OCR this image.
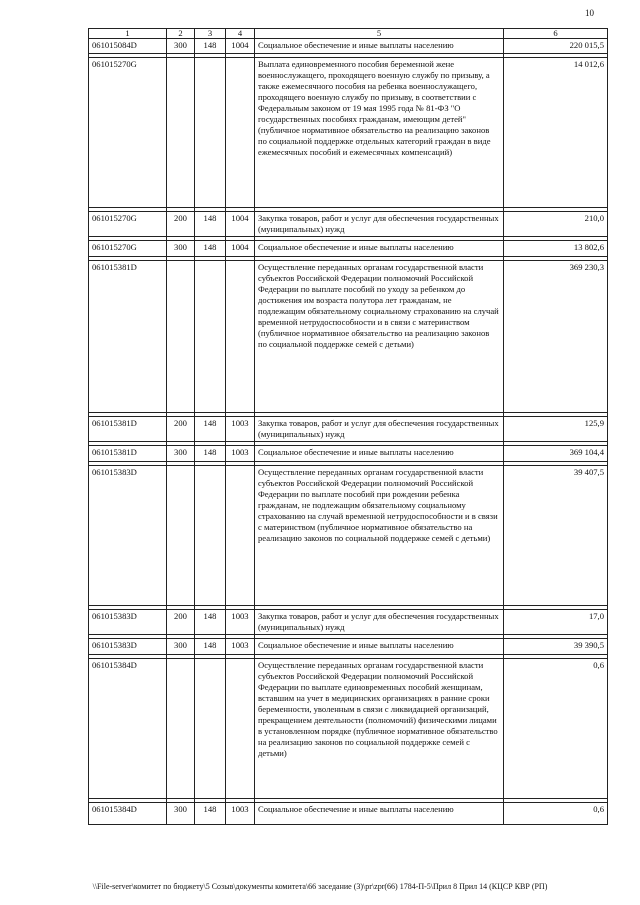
10
1	2	3	4	5	6
061015084D	300	148	1004	Социальное обеспечение и иные выплаты населению	220 015,5

061015270G				Выплата единовременного пособия беременной жене военнослужащего, проходящего военную службу по призыву, а также ежемесячного пособия на ребенка военнослужащего, проходящего военную службу по призыву, в соответствии с Федеральным законом от 19 мая 1995 года № 81-ФЗ "О государственных пособиях гражданам, имеющим детей" (публичное нормативное обязательство на реализацию законов по социальной поддержке отдельных категорий граждан в виде ежемесячных пособий и ежемесячных компенсаций)	14 012,6

061015270G	200	148	1004	Закупка товаров, работ и услуг для обеспечения государственных (муниципальных) нужд	210,0

061015270G	300	148	1004	Социальное обеспечение и иные выплаты населению	13 802,6

061015381D				Осуществление переданных органам государственной власти субъектов Российской Федерации полномочий Российской Федерации по выплате пособий по уходу за ребенком до достижения им возраста полутора лет гражданам, не подлежащим обязательному социальному страхованию на случай временной нетрудоспособности и в связи с материнством (публичное нормативное обязательство на реализацию законов по социальной поддержке семей с детьми)	369 230,3

061015381D	200	148	1003	Закупка товаров, работ и услуг для обеспечения государственных (муниципальных) нужд	125,9

061015381D	300	148	1003	Социальное обеспечение и иные выплаты населению	369 104,4

061015383D				Осуществление переданных органам государственной власти субъектов Российской Федерации полномочий Российской Федерации по выплате пособий при рождении ребенка гражданам, не подлежащим обязательному социальному страхованию на случай временной нетрудоспособности и в связи с материнством (публичное нормативное обязательство на реализацию законов по социальной поддержке семей с детьми)	39 407,5

061015383D	200	148	1003	Закупка товаров, работ и услуг для обеспечения государственных (муниципальных) нужд	17,0

061015383D	300	148	1003	Социальное обеспечение и иные выплаты населению	39 390,5

061015384D				Осуществление переданных органам государственной власти субъектов Российской Федерации полномочий Российской Федерации по выплате единовременных пособий женщинам, вставшим на учет в медицинских организациях в ранние сроки беременности, уволенным в связи с ликвидацией организаций, прекращением деятельности (полномочий) физическими лицами в установленном порядке (публичное нормативное обязательство на реализацию законов по социальной поддержке семей с детьми)	0,6

061015384D	300	148	1003	Социальное обеспечение и иные выплаты населению	0,6
\\File-server\комитет по бюджету\5 Созыв\документы комитета\66 заседание (3)\pr\zpr(66) 1784-П-5\Прил 8 Прил 14 (КЦСР КВР (РП)
